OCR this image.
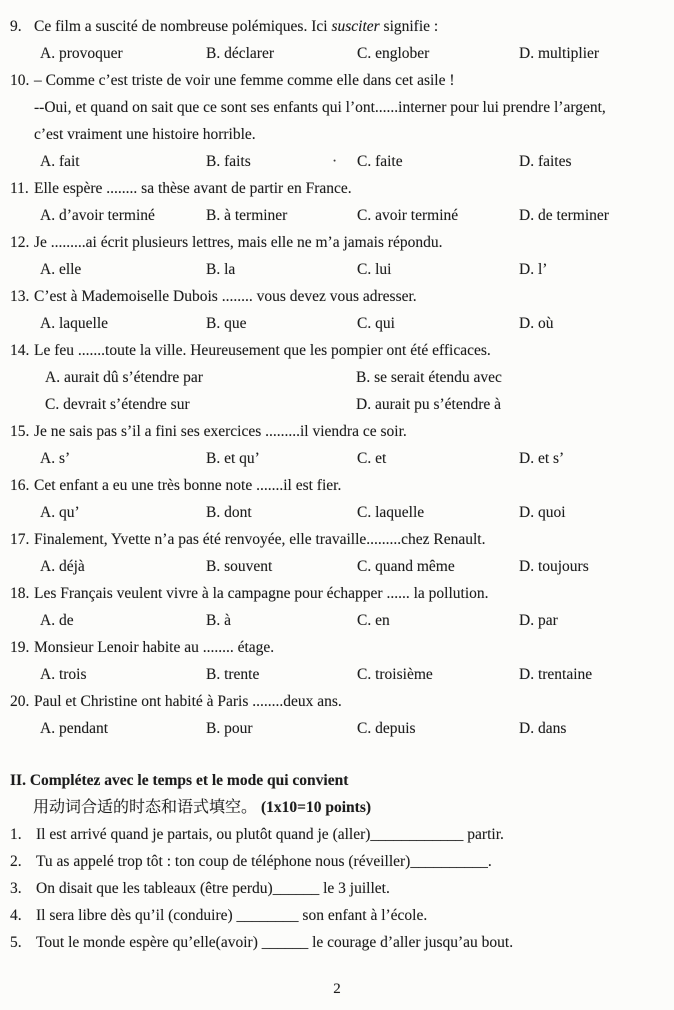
9. Ce film a suscité de nombreuse polémiques. Ici susciter signifie :
A. provoquer	B. déclarer	C. englober	D. multiplier
10. – Comme c’est triste de voir une femme comme elle dans cet asile !
--Oui, et quand on sait que ce sont ses enfants qui l’ont......interner pour lui prendre l’argent,
c’est vraiment une histoire horrible.
·
A. fait	B. faits	C. faite	D. faites
11. Elle espère ........ sa thèse avant de partir en France.
A. d’avoir terminé	B. à terminer	C. avoir terminé	D. de terminer
12. Je .........ai écrit plusieurs lettres, mais elle ne m’a jamais répondu.
A. elle	B. la	C. lui	D. l’
13. C’est à Mademoiselle Dubois ........ vous devez vous adresser.
A. laquelle	B. que	C. qui	D. où
14. Le feu .......toute la ville. Heureusement que les pompier ont été efficaces.
A. aurait dû s’étendre par	B. se serait étendu avec
C. devrait s’étendre sur	D. aurait pu s’étendre à
15. Je ne sais pas s’il a fini ses exercices .........il viendra ce soir.
A. s’	B. et qu’	C. et	D. et s’
16. Cet enfant a eu une très bonne note .......il est fier.
A. qu’	B. dont	C. laquelle	D. quoi
17. Finalement, Yvette n’a pas été renvoyée, elle travaille.........chez Renault.
A. déjà	B. souvent	C. quand même	D. toujours
18. Les Français veulent vivre à la campagne pour échapper ...... la pollution.
A. de	B. à	C. en	D. par
19. Monsieur Lenoir habite au ........ étage.
A. trois	B. trente	C. troisième	D. trentaine
20. Paul et Christine ont habité à Paris ........deux ans.
A. pendant	B. pour	C. depuis	D. dans
II. Complétez avec le temps et le mode qui convient
用动词合适的时态和语式填空。 (1x10=10 points)
1. Il est arrivé quand je partais, ou plutôt quand je (aller)____________ partir.
2. Tu as appelé trop tôt : ton coup de téléphone nous (réveiller)__________.
3. On disait que les tableaux (être perdu)______ le 3 juillet.
4. Il sera libre dès qu’il (conduire) ________ son enfant à l’école.
5. Tout le monde espère qu’elle(avoir) ______ le courage d’aller jusqu’au bout.
2
